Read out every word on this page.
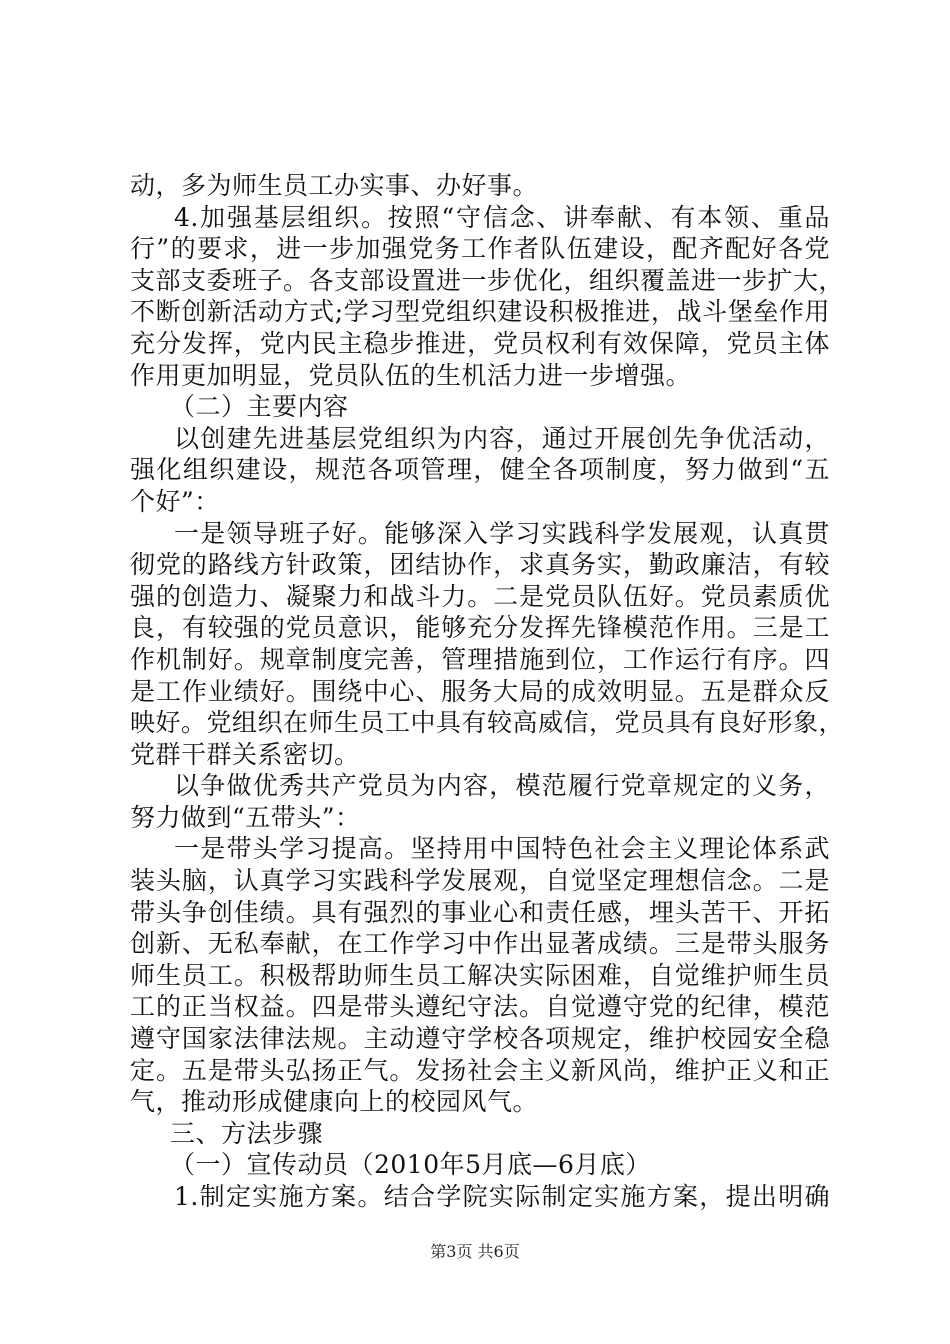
动，多为师生员工办实事、办好事。
4.加强基层组织。按照“守信念、讲奉献、有本领、重品
行”的要求，进一步加强党务工作者队伍建设，配齐配好各党
支部支委班子。各支部设置进一步优化，组织覆盖进一步扩大，
不断创新活动方式;学习型党组织建设积极推进，战斗堡垒作用
充分发挥，党内民主稳步推进，党员权利有效保障，党员主体
作用更加明显，党员队伍的生机活力进一步增强。
（二）主要内容
以创建先进基层党组织为内容，通过开展创先争优活动，
强化组织建设，规范各项管理，健全各项制度，努力做到“五
个好”：
一是领导班子好。能够深入学习实践科学发展观，认真贯
彻党的路线方针政策，团结协作，求真务实，勤政廉洁，有较
强的创造力、凝聚力和战斗力。二是党员队伍好。党员素质优
良，有较强的党员意识，能够充分发挥先锋模范作用。三是工
作机制好。规章制度完善，管理措施到位，工作运行有序。四
是工作业绩好。围绕中心、服务大局的成效明显。五是群众反
映好。党组织在师生员工中具有较高威信，党员具有良好形象，
党群干群关系密切。
以争做优秀共产党员为内容，模范履行党章规定的义务，
努力做到“五带头”：
一是带头学习提高。坚持用中国特色社会主义理论体系武
装头脑，认真学习实践科学发展观，自觉坚定理想信念。二是
带头争创佳绩。具有强烈的事业心和责任感，埋头苦干、开拓
创新、无私奉献，在工作学习中作出显著成绩。三是带头服务
师生员工。积极帮助师生员工解决实际困难，自觉维护师生员
工的正当权益。四是带头遵纪守法。自觉遵守党的纪律，模范
遵守国家法律法规。主动遵守学校各项规定，维护校园安全稳
定。五是带头弘扬正气。发扬社会主义新风尚，维护正义和正
气，推动形成健康向上的校园风气。
三、方法步骤
（一）宣传动员（2010年5月底—6月底）
1.制定实施方案。结合学院实际制定实施方案，提出明确
第3页 共6页
